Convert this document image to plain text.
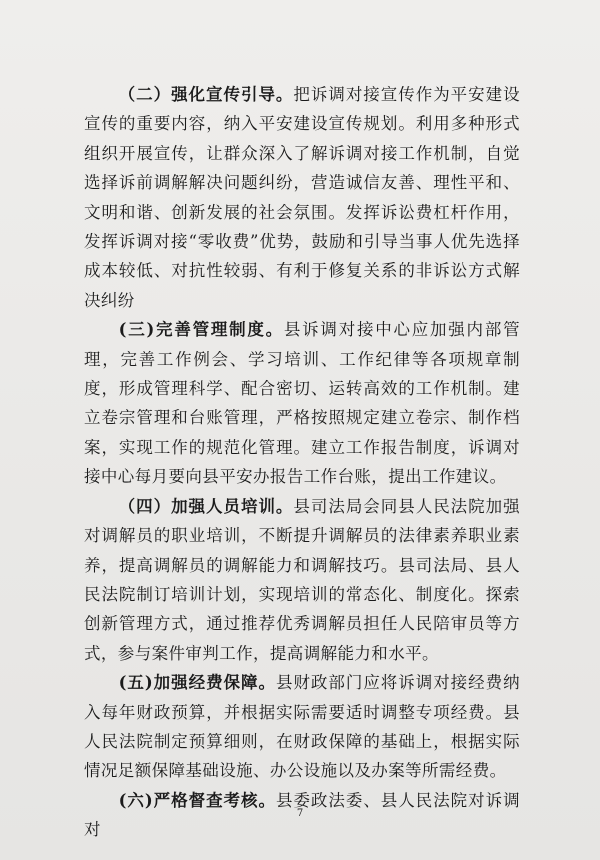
（二）强化宣传引导。把诉调对接宣传作为平安建设宣传的重要内容，纳入平安建设宣传规划。利用多种形式组织开展宣传，让群众深入了解诉调对接工作机制，自觉选择诉前调解解决问题纠纷，营造诚信友善、理性平和、文明和谐、创新发展的社会氛围。发挥诉讼费杠杆作用，发挥诉调对接“零收费”优势，鼓励和引导当事人优先选择成本较低、对抗性较弱、有利于修复关系的非诉讼方式解决纠纷

(三)完善管理制度。县诉调对接中心应加强内部管理，完善工作例会、学习培训、工作纪律等各项规章制度，形成管理科学、配合密切、运转高效的工作机制。建立卷宗管理和台账管理，严格按照规定建立卷宗、制作档案，实现工作的规范化管理。建立工作报告制度，诉调对接中心每月要向县平安办报告工作台账，提出工作建议。

（四）加强人员培训。县司法局会同县人民法院加强对调解员的职业培训，不断提升调解员的法律素养职业素养，提高调解员的调解能力和调解技巧。县司法局、县人民法院制订培训计划，实现培训的常态化、制度化。探索创新管理方式，通过推荐优秀调解员担任人民陪审员等方式，参与案件审判工作，提高调解能力和水平。

(五)加强经费保障。县财政部门应将诉调对接经费纳入每年财政预算，并根据实际需要适时调整专项经费。县人民法院制定预算细则，在财政保障的基础上，根据实际情况足额保障基础设施、办公设施以及办案等所需经费。

(六)严格督查考核。县委政法委、县人民法院对诉调对

7
